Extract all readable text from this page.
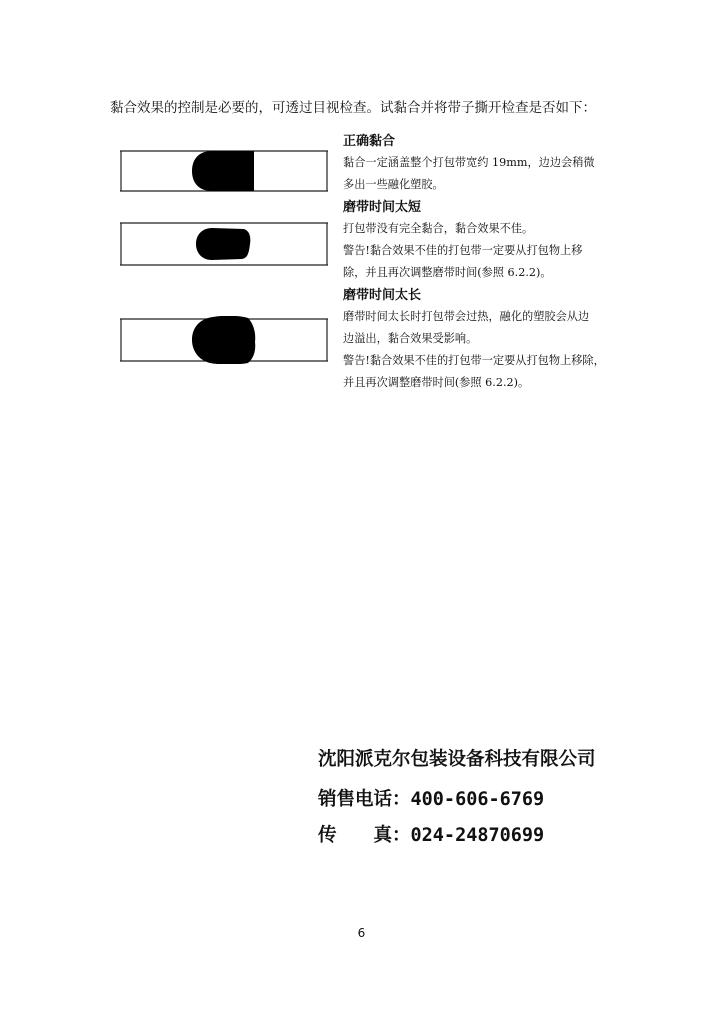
黏合效果的控制是必要的，可透过目视检查。试黏合并将带子撕开检查是否如下：

正确黏合

黏合一定涵盖整个打包带宽约 19mm，边边会稍微

多出一些融化塑胶。

磨带时间太短

打包带没有完全黏合，黏合效果不佳。

警告!黏合效果不佳的打包带一定要从打包物上移

除，并且再次调整磨带时间(参照 6.2.2)。

磨带时间太长

磨带时间太长时打包带会过热，融化的塑胶会从边

边溢出，黏合效果受影响。

警告!黏合效果不佳的打包带一定要从打包物上移除，

并且再次调整磨带时间(参照 6.2.2)。

沈阳派克尔包装设备科技有限公司
销售电话：400-606-6769
传　　真：024-24870699
6
